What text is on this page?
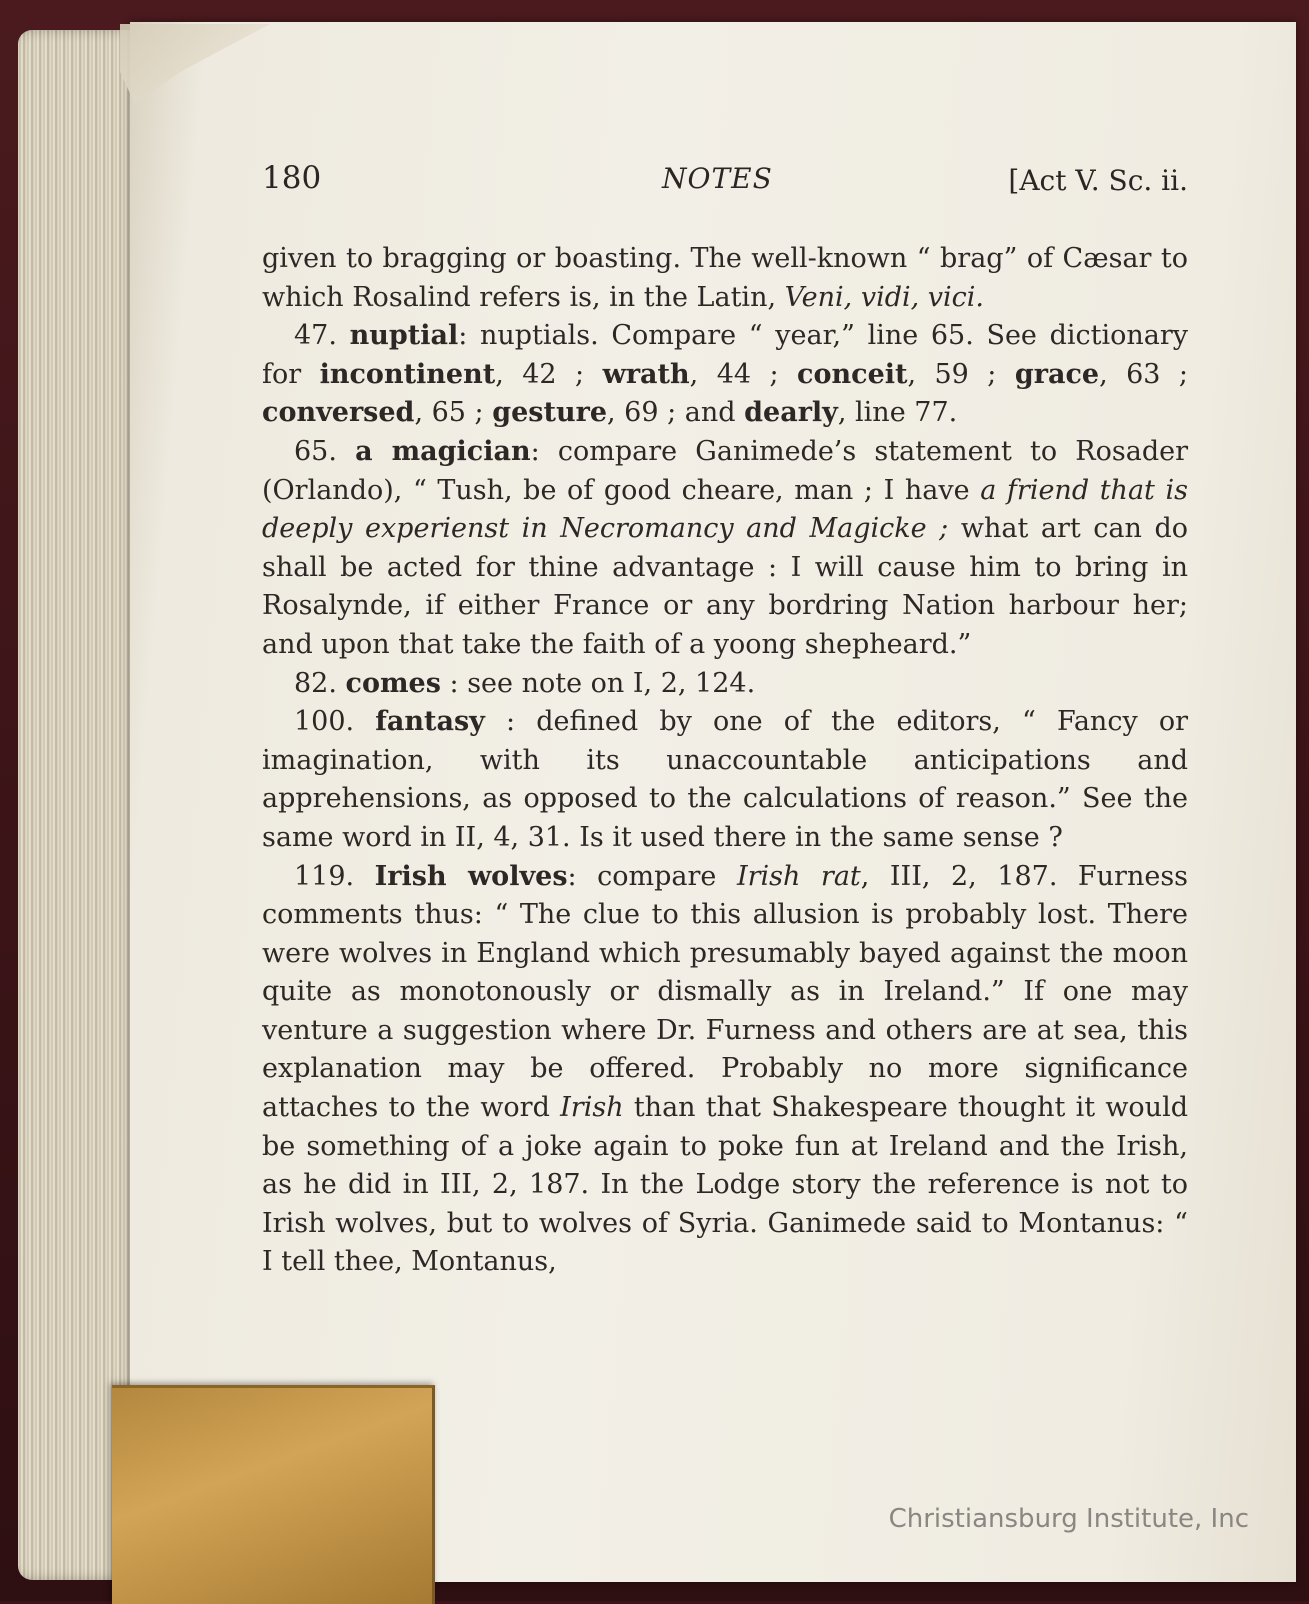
180	NOTES	[Act V. Sc. ii.

given to bragging or boasting. The well-known “ brag” of Cæsar to which Rosalind refers is, in the Latin, Veni, vidi, vici.

47. nuptial: nuptials. Compare “ year,” line 65. See dictionary for incontinent, 42 ; wrath, 44 ; conceit, 59 ; grace, 63 ; conversed, 65 ; gesture, 69 ; and dearly, line 77.

65. a magician: compare Ganimede’s statement to Rosader (Orlando), “ Tush, be of good cheare, man ; I have a friend that is deeply experienst in Necromancy and Magicke ; what art can do shall be acted for thine advantage : I will cause him to bring in Rosalynde, if either France or any bordring Nation harbour her; and upon that take the faith of a yoong shepheard.”

82. comes : see note on I, 2, 124.

100. fantasy : defined by one of the editors, “ Fancy or imagination, with its unaccountable anticipations and apprehensions, as opposed to the calculations of reason.” See the same word in II, 4, 31. Is it used there in the same sense ?

119. Irish wolves: compare Irish rat, III, 2, 187. Furness comments thus: “ The clue to this allusion is probably lost. There were wolves in England which presumably bayed against the moon quite as monotonously or dismally as in Ireland.” If one may venture a suggestion where Dr. Furness and others are at sea, this explanation may be offered. Probably no more significance attaches to the word Irish than that Shakespeare thought it would be something of a joke again to poke fun at Ireland and the Irish, as he did in III, 2, 187. In the Lodge story the reference is not to Irish wolves, but to wolves of Syria. Ganimede said to Montanus: “ I tell thee, Montanus,

Christiansburg Institute, Inc
